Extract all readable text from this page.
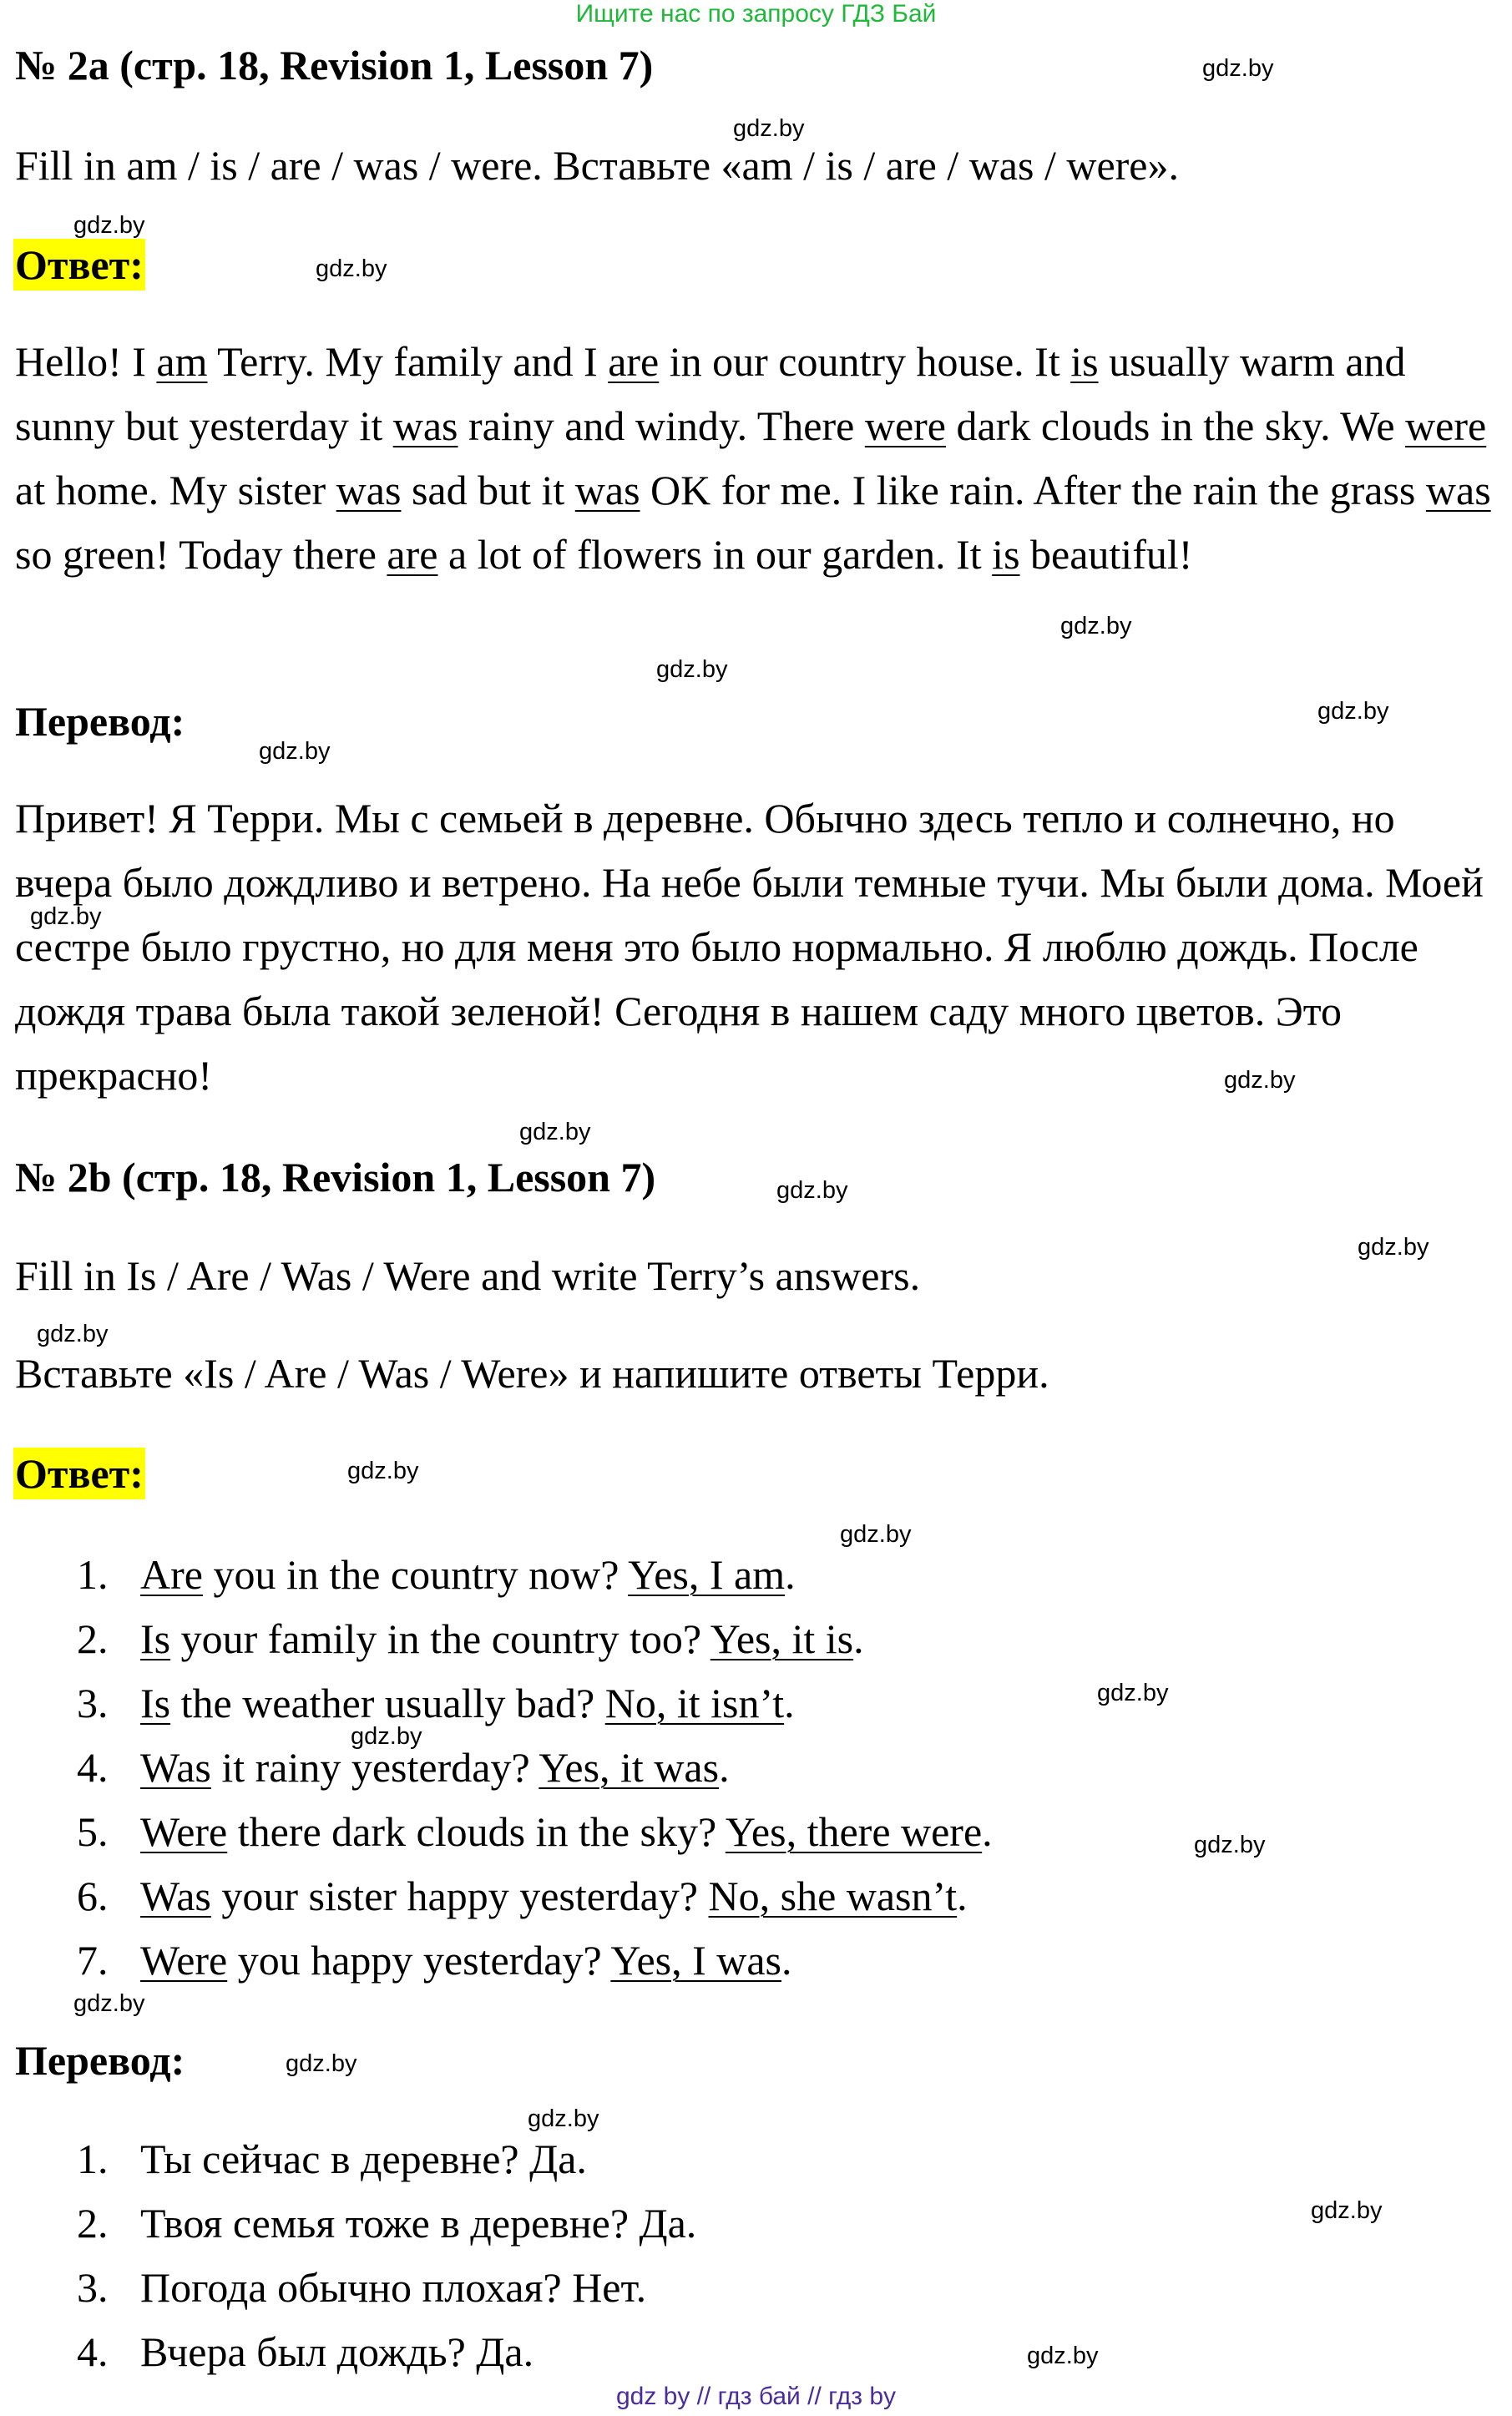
Ищите нас по запросу ГДЗ Бай
№ 2a (стр. 18, Revision 1, Lesson 7)
Fill in am / is / are / was / were. Вставьте «am / is / are / was / were».
Ответ:
Hello! I am Terry. My family and I are in our country house. It is usually warm and sunny but yesterday it was rainy and windy. There were dark clouds in the sky. We were at home. My sister was sad but it was OK for me. I like rain. After the rain the grass was so green! Today there are a lot of flowers in our garden. It is beautiful!
Перевод:
Привет! Я Терри. Мы с семьей в деревне. Обычно здесь тепло и солнечно, но вчера было дождливо и ветрено. На небе были темные тучи. Мы были дома. Моей сестре было грустно, но для меня это было нормально. Я люблю дождь. После дождя трава была такой зеленой! Сегодня в нашем саду много цветов. Это прекрасно!
№ 2b (стр. 18, Revision 1, Lesson 7)
Fill in Is / Are / Was / Were and write Terry’s answers.
Вставьте «Is / Are / Was / Were» и напишите ответы Терри.
Ответ:
1. Are you in the country now? Yes, I am.
2. Is your family in the country too? Yes, it is.
3. Is the weather usually bad? No, it isn’t.
4. Was it rainy yesterday? Yes, it was.
5. Were there dark clouds in the sky? Yes, there were.
6. Was your sister happy yesterday? No, she wasn’t.
7. Were you happy yesterday? Yes, I was.
Перевод:
1. Ты сейчас в деревне? Да.
2. Твоя семья тоже в деревне? Да.
3. Погода обычно плохая? Нет.
4. Вчера был дождь? Да.
gdz.by
gdz.by
gdz.by
gdz.by
gdz.by
gdz.by
gdz.by
gdz.by
gdz.by
gdz.by
gdz.by
gdz.by
gdz.by
gdz.by
gdz.by
gdz.by
gdz.by
gdz.by
gdz.by
gdz.by
gdz.by
gdz.by
gdz.by
gdz.by
gdz by // гдз бай // гдз by
